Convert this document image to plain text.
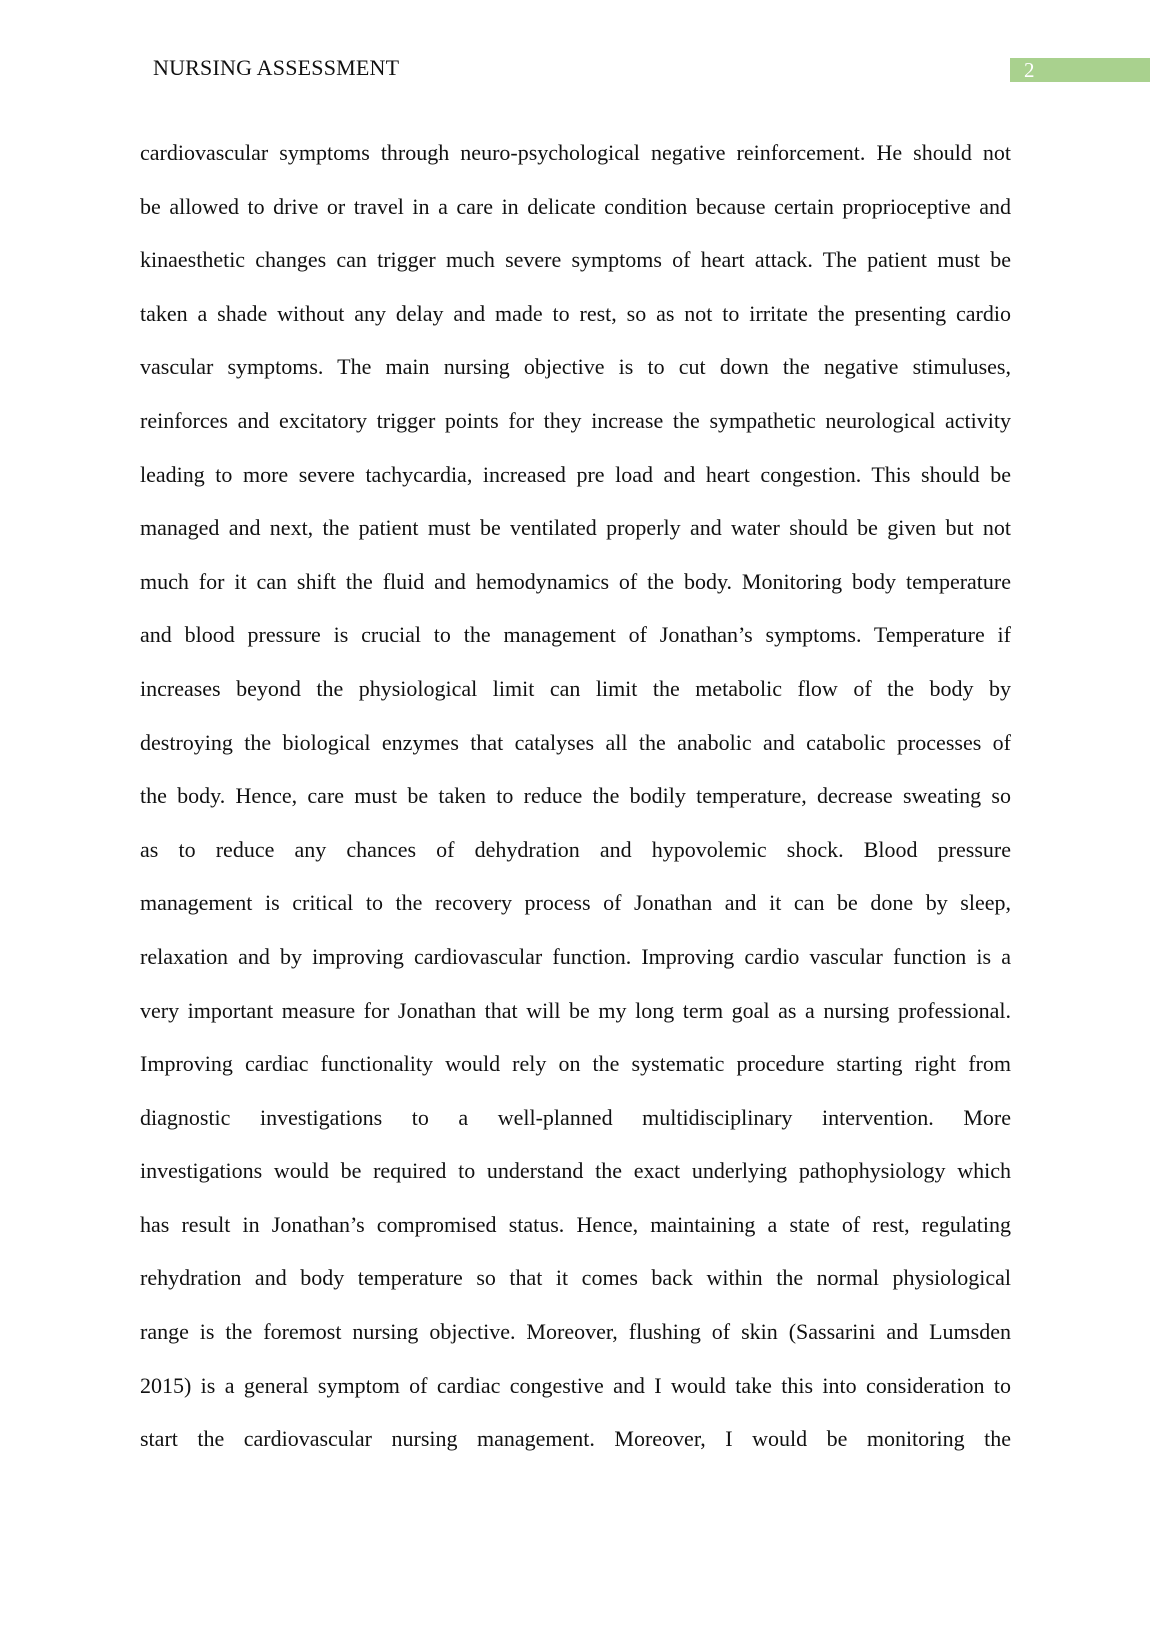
NURSING ASSESSMENT	2
cardiovascular symptoms through neuro-psychological negative reinforcement. He should not
be allowed to drive or travel in a care in delicate condition because certain proprioceptive and
kinaesthetic changes can trigger much severe symptoms of heart attack. The patient must be
taken a shade without any delay and made to rest, so as not to irritate the presenting cardio
vascular symptoms. The main nursing objective is to cut down the negative stimuluses,
reinforces and excitatory trigger points for they increase the sympathetic neurological activity
leading to more severe tachycardia, increased pre load and heart congestion. This should be
managed and next, the patient must be ventilated properly and water should be given but not
much for it can shift the fluid and hemodynamics of the body. Monitoring body temperature
and blood pressure is crucial to the management of Jonathan’s symptoms. Temperature if
increases beyond the physiological limit can limit the metabolic flow of the body by
destroying the biological enzymes that catalyses all the anabolic and catabolic processes of
the body. Hence, care must be taken to reduce the bodily temperature, decrease sweating so
as to reduce any chances of dehydration and hypovolemic shock. Blood pressure
management is critical to the recovery process of Jonathan and it can be done by sleep,
relaxation and by improving cardiovascular function. Improving cardio vascular function is a
very important measure for Jonathan that will be my long term goal as a nursing professional.
Improving cardiac functionality would rely on the systematic procedure starting right from
diagnostic investigations to a well-planned multidisciplinary intervention. More
investigations would be required to understand the exact underlying pathophysiology which
has result in Jonathan’s compromised status. Hence, maintaining a state of rest, regulating
rehydration and body temperature so that it comes back within the normal physiological
range is the foremost nursing objective. Moreover, flushing of skin (Sassarini and Lumsden
2015) is a general symptom of cardiac congestive and I would take this into consideration to
start the cardiovascular nursing management. Moreover, I would be monitoring the
